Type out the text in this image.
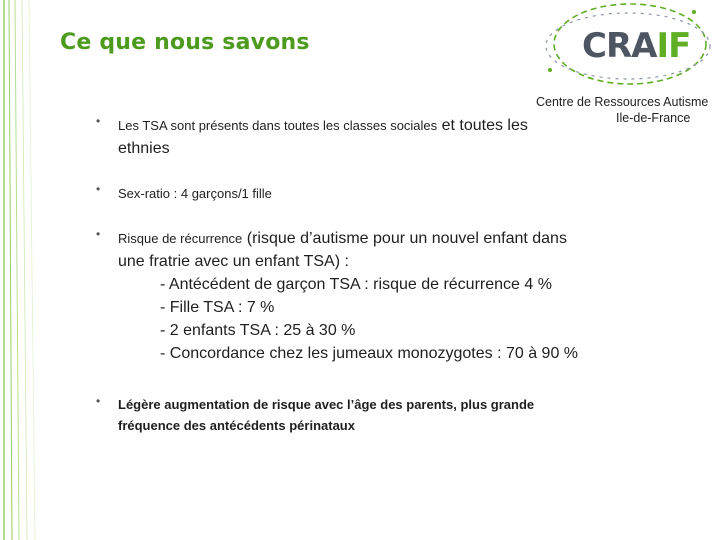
Ce que nous savons	CRAIF
Centre de Ressources Autisme
Ile-de-France
• Les TSA sont présents dans toutes les classes sociales et toutes les
ethnies
• Sex-ratio : 4 garçons/1 fille
• Risque de récurrence (risque d’autisme pour un nouvel enfant dans
une fratrie avec un enfant TSA) :
- Antécédent de garçon TSA : risque de récurrence 4 %
- Fille TSA : 7 %
- 2 enfants TSA : 25 à 30 %
- Concordance chez les jumeaux monozygotes : 70 à 90 %
• Légère augmentation de risque avec l’âge des parents, plus grande
fréquence des antécédents périnataux
